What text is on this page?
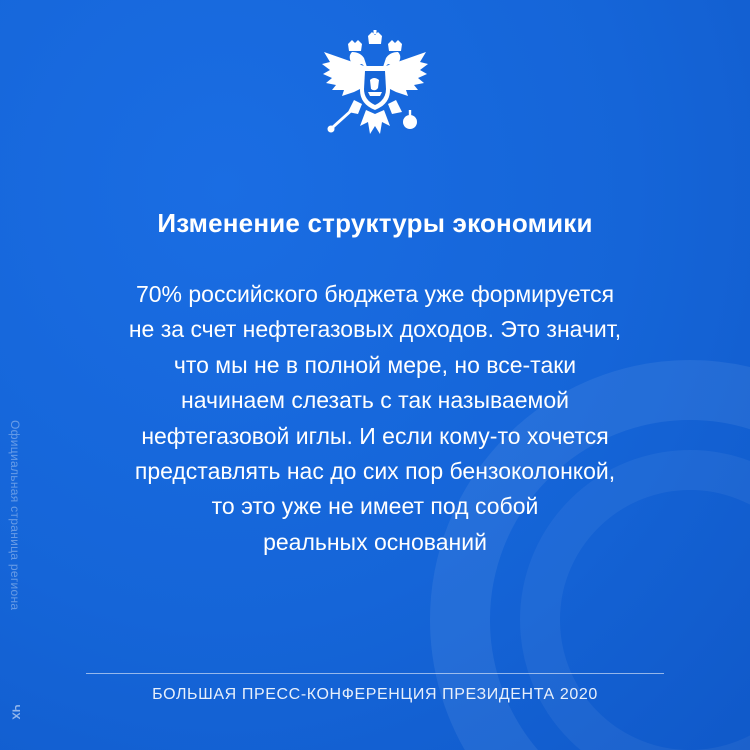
Изменение структуры экономики
70% российского бюджета уже формируется
не за счет нефтегазовых доходов. Это значит,
что мы не в полной мере, но все-таки
начинаем слезать с так называемой
нефтегазовой иглы. И если кому-то хочется
представлять нас до сих пор бензоколонкой,
то это уже не имеет под собой
реальных оснований
БОЛЬШАЯ ПРЕСС-КОНФЕРЕНЦИЯ ПРЕЗИДЕНТА 2020
Официальная страница региона
ЧХ
